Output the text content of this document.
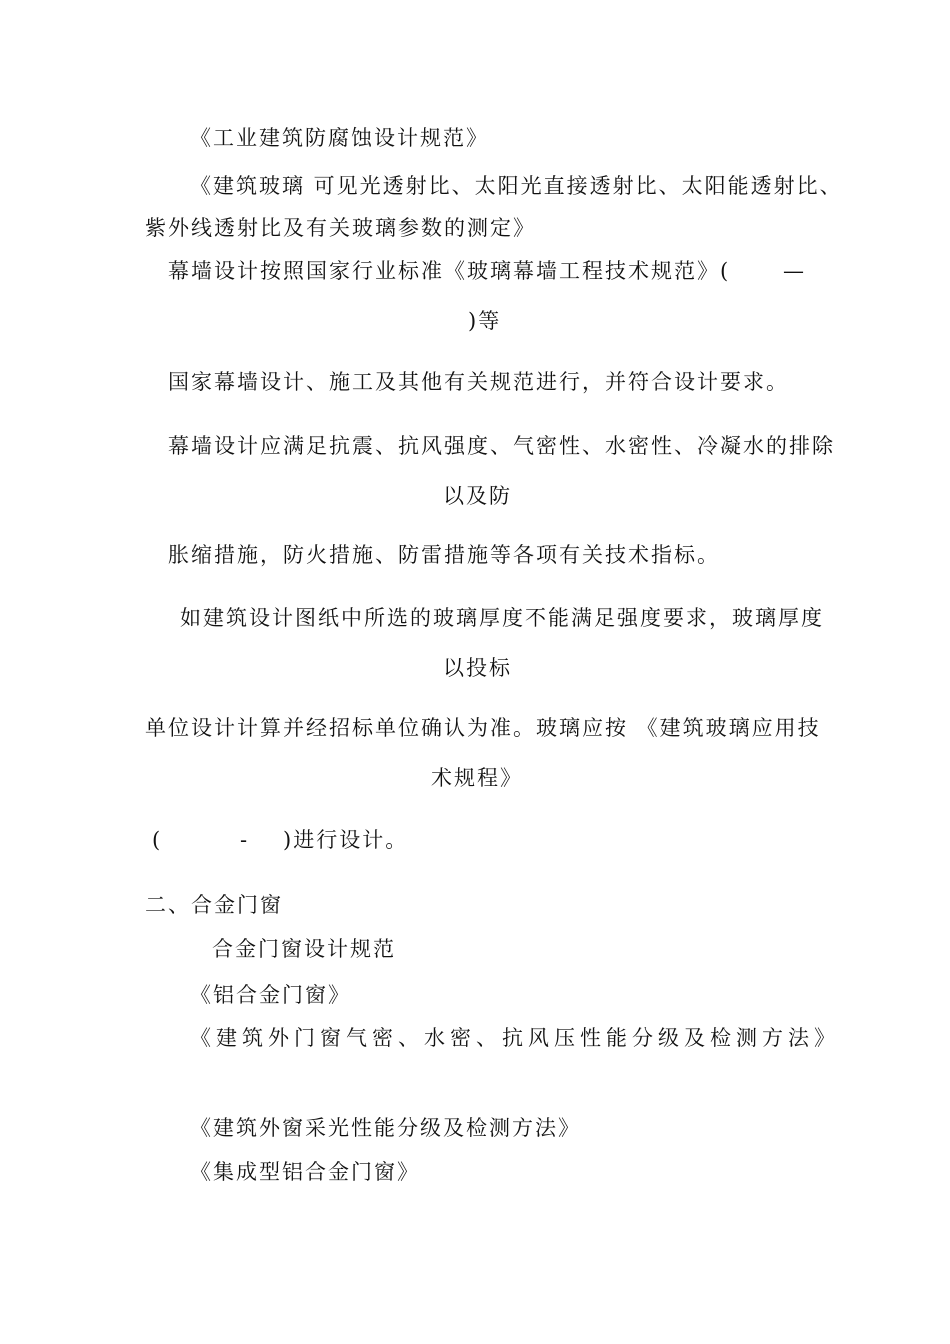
《工业建筑防腐蚀设计规范》

《建筑玻璃 可见光透射比、太阳光直接透射比、太阳能透射比、

紫外线透射比及有关玻璃参数的测定》

幕墙设计按照国家行业标准《玻璃幕墙工程技术规范》(	—

)等

国家幕墙设计、施工及其他有关规范进行，并符合设计要求。

幕墙设计应满足抗震、抗风强度、气密性、水密性、冷凝水的排除

以及防

胀缩措施，防火措施、防雷措施等各项有关技术指标。

如建筑设计图纸中所选的玻璃厚度不能满足强度要求，玻璃厚度

以投标

单位设计计算并经招标单位确认为准。玻璃应按 《建筑玻璃应用技

术规程》

(	- )进行设计。

二、合金门窗

合金门窗设计规范

《铝合金门窗》

《建筑外门窗气密、水密、抗风压性能分级及检测方法》

《建筑外窗采光性能分级及检测方法》

《集成型铝合金门窗》
